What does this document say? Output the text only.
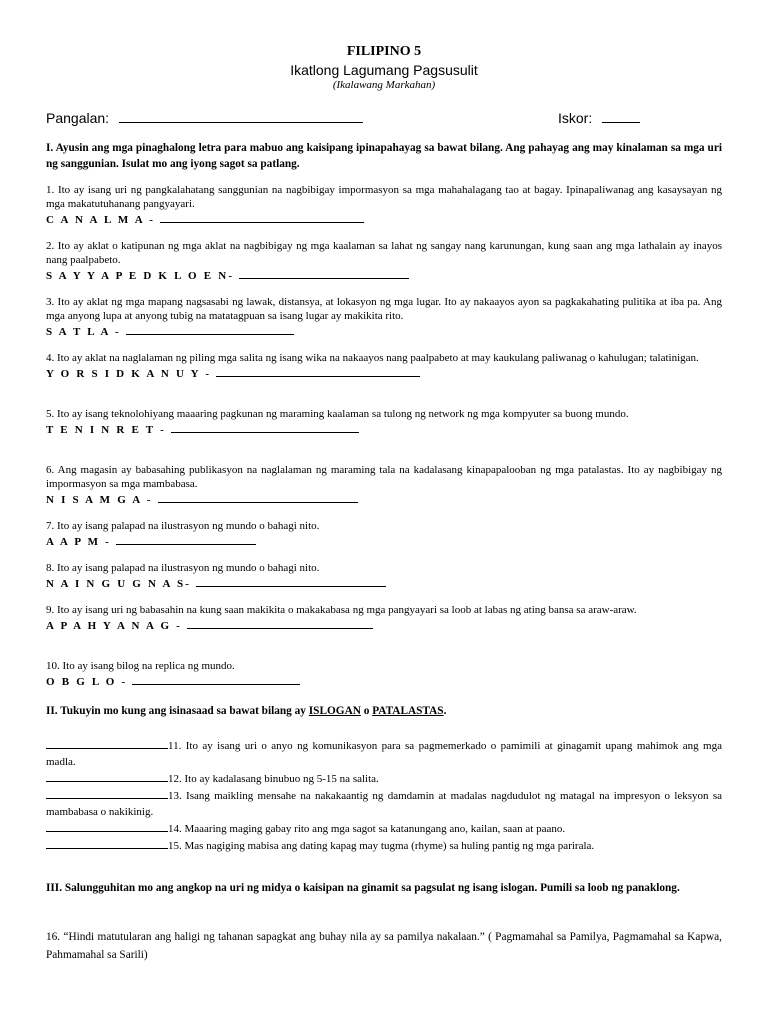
FILIPINO 5
Ikatlong Lagumang Pagsusulit
(Ikalawang Markahan)
Pangalan:	Iskor:
I. Ayusin ang mga pinaghalong letra para mabuo ang kaisipang ipinapahayag sa bawat bilang. Ang pahayag ang may kinalaman sa mga uri ng sanggunian. Isulat mo ang iyong sagot sa patlang.

1. Ito ay isang uri ng pangkalahatang sanggunian na nagbibigay impormasyon sa mga mahahalagang tao at bagay. Ipinapaliwanag ang kasaysayan ng mga makatutuhanang pangyayari.

C A N A L M A -

2. Ito ay aklat o katipunan ng mga aklat na nagbibigay ng mga kaalaman sa lahat ng sangay nang karunungan, kung saan ang mga lathalain ay inayos nang paalpabeto.

S A Y Y A P E D K L O E N-

3. Ito ay aklat ng mga mapang nagsasabi ng lawak, distansya, at lokasyon ng mga lugar. Ito ay nakaayos ayon sa pagkakahating pulitika at iba pa. Ang mga anyong lupa at anyong tubig na matatagpuan sa isang lugar ay makikita rito.

S A T L A -

4. Ito ay aklat na naglalaman ng piling mga salita ng isang wika na nakaayos nang paalpabeto at may kaukulang paliwanag o kahulugan; talatinigan.

Y O R S I D K A N U Y -

5. Ito ay isang teknolohiyang maaaring pagkunan ng maraming kaalaman sa tulong ng network ng mga kompyuter sa buong mundo.

T E N I N R E T -

6. Ang magasin ay babasahing publikasyon na naglalaman ng maraming tala na kadalasang kinapapalooban ng mga patalastas. Ito ay nagbibigay ng impormasyon sa mga mambabasa.

N I S A M G A -

7. Ito ay isang palapad na ilustrasyon ng mundo o bahagi nito.

A A P M -

8. Ito ay isang palapad na ilustrasyon ng mundo o bahagi nito.

N A I N G U G N A S-

9. Ito ay isang uri ng babasahin na kung saan makikita o makakabasa ng mga pangyayari sa loob at labas ng ating bansa sa araw-araw.

A P A H Y A N A G -

10. Ito ay isang bilog na replica ng mundo.

O B G L O -
II. Tukuyin mo kung ang isinasaad sa bawat bilang ay ISLOGAN o PATALASTAS.
11. Ito ay isang uri o anyo ng komunikasyon para sa pagmemerkado o pamimili at ginagamit upang mahimok ang mga madla.
12. Ito ay kadalasang binubuo ng 5-15 na salita.
13. Isang maikling mensahe na nakakaantig ng damdamin at madalas nagdudulot ng matagal na impresyon o leksyon sa mambabasa o nakikinig.
14. Maaaring maging gabay rito ang mga sagot sa katanungang ano, kailan, saan at paano.
15. Mas nagiging mabisa ang dating kapag may tugma (rhyme) sa huling pantig ng mga parirala.
III. Salungguhitan mo ang angkop na uri ng midya o kaisipan na ginamit sa pagsulat ng isang islogan. Pumili sa loob ng panaklong.
16. “Hindi matutularan ang haligi ng tahanan sapagkat ang buhay nila ay sa pamilya nakalaan.” ( Pagmamahal sa Pamilya, Pagmamahal sa Kapwa, Pahmamahal sa Sarili)
